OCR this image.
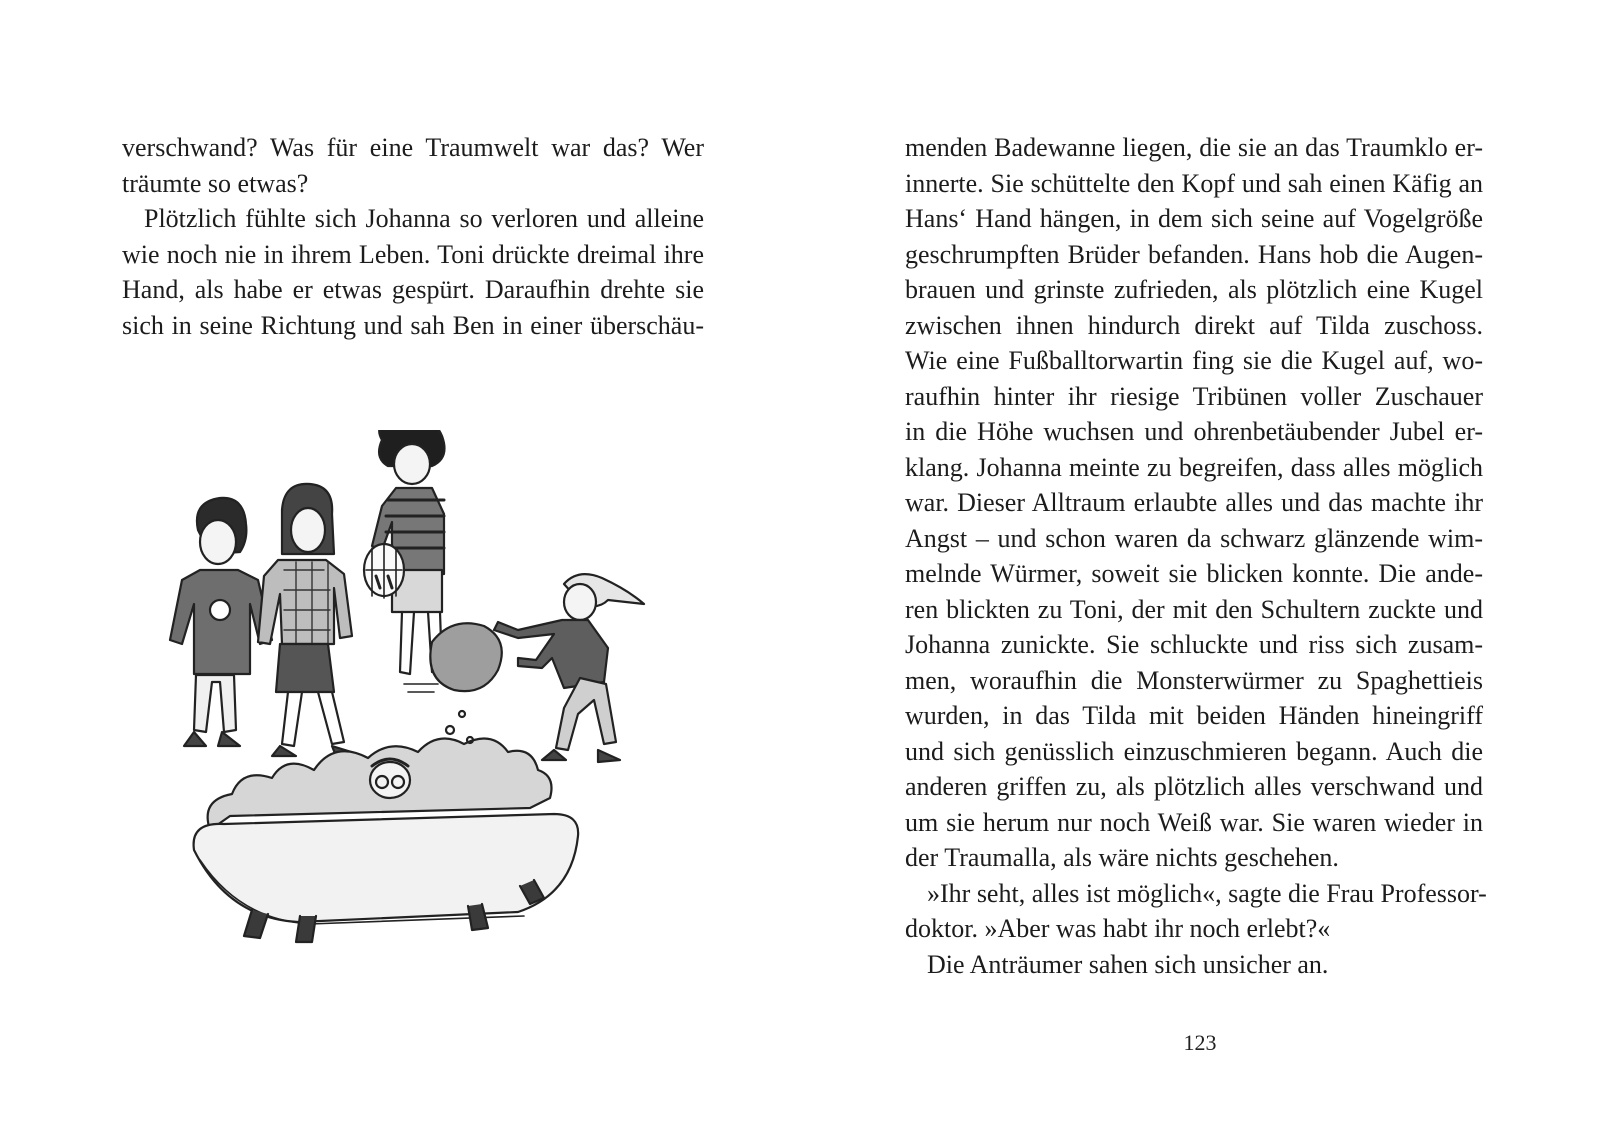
verschwand? Was für eine Traumwelt war das? Wer
träumte so etwas?
Plötzlich fühlte sich Johanna so verloren und alleine
wie noch nie in ihrem Leben. Toni drückte dreimal ihre
Hand, als habe er etwas gespürt. Daraufhin drehte sie
sich in seine Richtung und sah Ben in einer überschäu-
menden Badewanne liegen, die sie an das Traumklo er-
innerte. Sie schüttelte den Kopf und sah einen Käfig an
Hans‘ Hand hängen, in dem sich seine auf Vogelgröße
geschrumpften Brüder befanden. Hans hob die Augen-
brauen und grinste zufrieden, als plötzlich eine Kugel
zwischen ihnen hindurch direkt auf Tilda zuschoss.
Wie eine Fußballtorwartin fing sie die Kugel auf, wo-
raufhin hinter ihr riesige Tribünen voller Zuschauer
in die Höhe wuchsen und ohrenbetäubender Jubel er-
klang. Johanna meinte zu begreifen, dass alles möglich
war. Dieser Alltraum erlaubte alles und das machte ihr
Angst – und schon waren da schwarz glänzende wim-
melnde Würmer, soweit sie blicken konnte. Die ande-
ren blickten zu Toni, der mit den Schultern zuckte und
Johanna zunickte. Sie schluckte und riss sich zusam-
men, woraufhin die Monsterwürmer zu Spaghettieis
wurden, in das Tilda mit beiden Händen hineingriff
und sich genüsslich einzuschmieren begann. Auch die
anderen griffen zu, als plötzlich alles verschwand und
um sie herum nur noch Weiß war. Sie waren wieder in
der Traumalla, als wäre nichts geschehen.
»Ihr seht, alles ist möglich«, sagte die Frau Professor-
doktor. »Aber was habt ihr noch erlebt?«
Die Anträumer sahen sich unsicher an.
123
